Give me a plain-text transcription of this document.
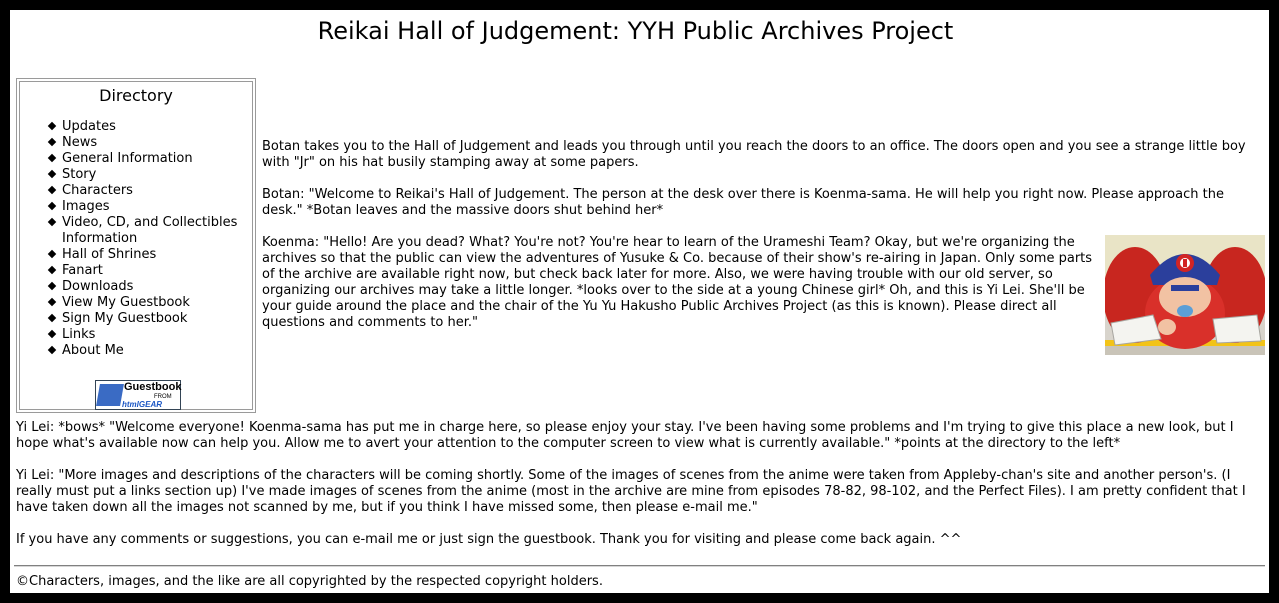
Reikai Hall of Judgement: YYH Public Archives Project
Directory
Updates
News
General Information
Story
Characters
Images
Video, CD, and Collectibles Information
Hall of Shrines
Fanart
Downloads
View My Guestbook
Sign My Guestbook
Links
About Me
Guestbook
FROM
htmlGEAR

Botan takes you to the Hall of Judgement and leads you through until you reach the doors to an office. The doors open and you see a strange little boy with "Jr" on his hat busily stamping away at some papers.

Botan: "Welcome to Reikai's Hall of Judgement. The person at the desk over there is Koenma-sama. He will help you right now. Please approach the desk." *Botan leaves and the massive doors shut behind her*

Koenma: "Hello! Are you dead? What? You're not? You're hear to learn of the Urameshi Team? Okay, but we're organizing the archives so that the public can view the adventures of Yusuke & Co. because of their show's re-airing in Japan. Only some parts of the archive are available right now, but check back later for more. Also, we were having trouble with our old server, so organizing our archives may take a little longer. *looks over to the side at a young Chinese girl* Oh, and this is Yi Lei. She'll be your guide around the place and the chair of the Yu Yu Hakusho Public Archives Project (as this is known). Please direct all questions and comments to her."

Yi Lei: *bows* "Welcome everyone! Koenma-sama has put me in charge here, so please enjoy your stay. I've been having some problems and I'm trying to give this place a new look, but I hope what's available now can help you. Allow me to avert your attention to the computer screen to view what is currently available." *points at the directory to the left*

Yi Lei: "More images and descriptions of the characters will be coming shortly. Some of the images of scenes from the anime were taken from Appleby-chan's site and another person's. (I really must put a links section up) I've made images of scenes from the anime (most in the archive are mine from episodes 78-82, 98-102, and the Perfect Files). I am pretty confident that I have taken down all the images not scanned by me, but if you think I have missed some, then please e-mail me."

If you have any comments or suggestions, you can e-mail me or just sign the guestbook. Thank you for visiting and please come back again. ^^

©Characters, images, and the like are all copyrighted by the respected copyright holders.
